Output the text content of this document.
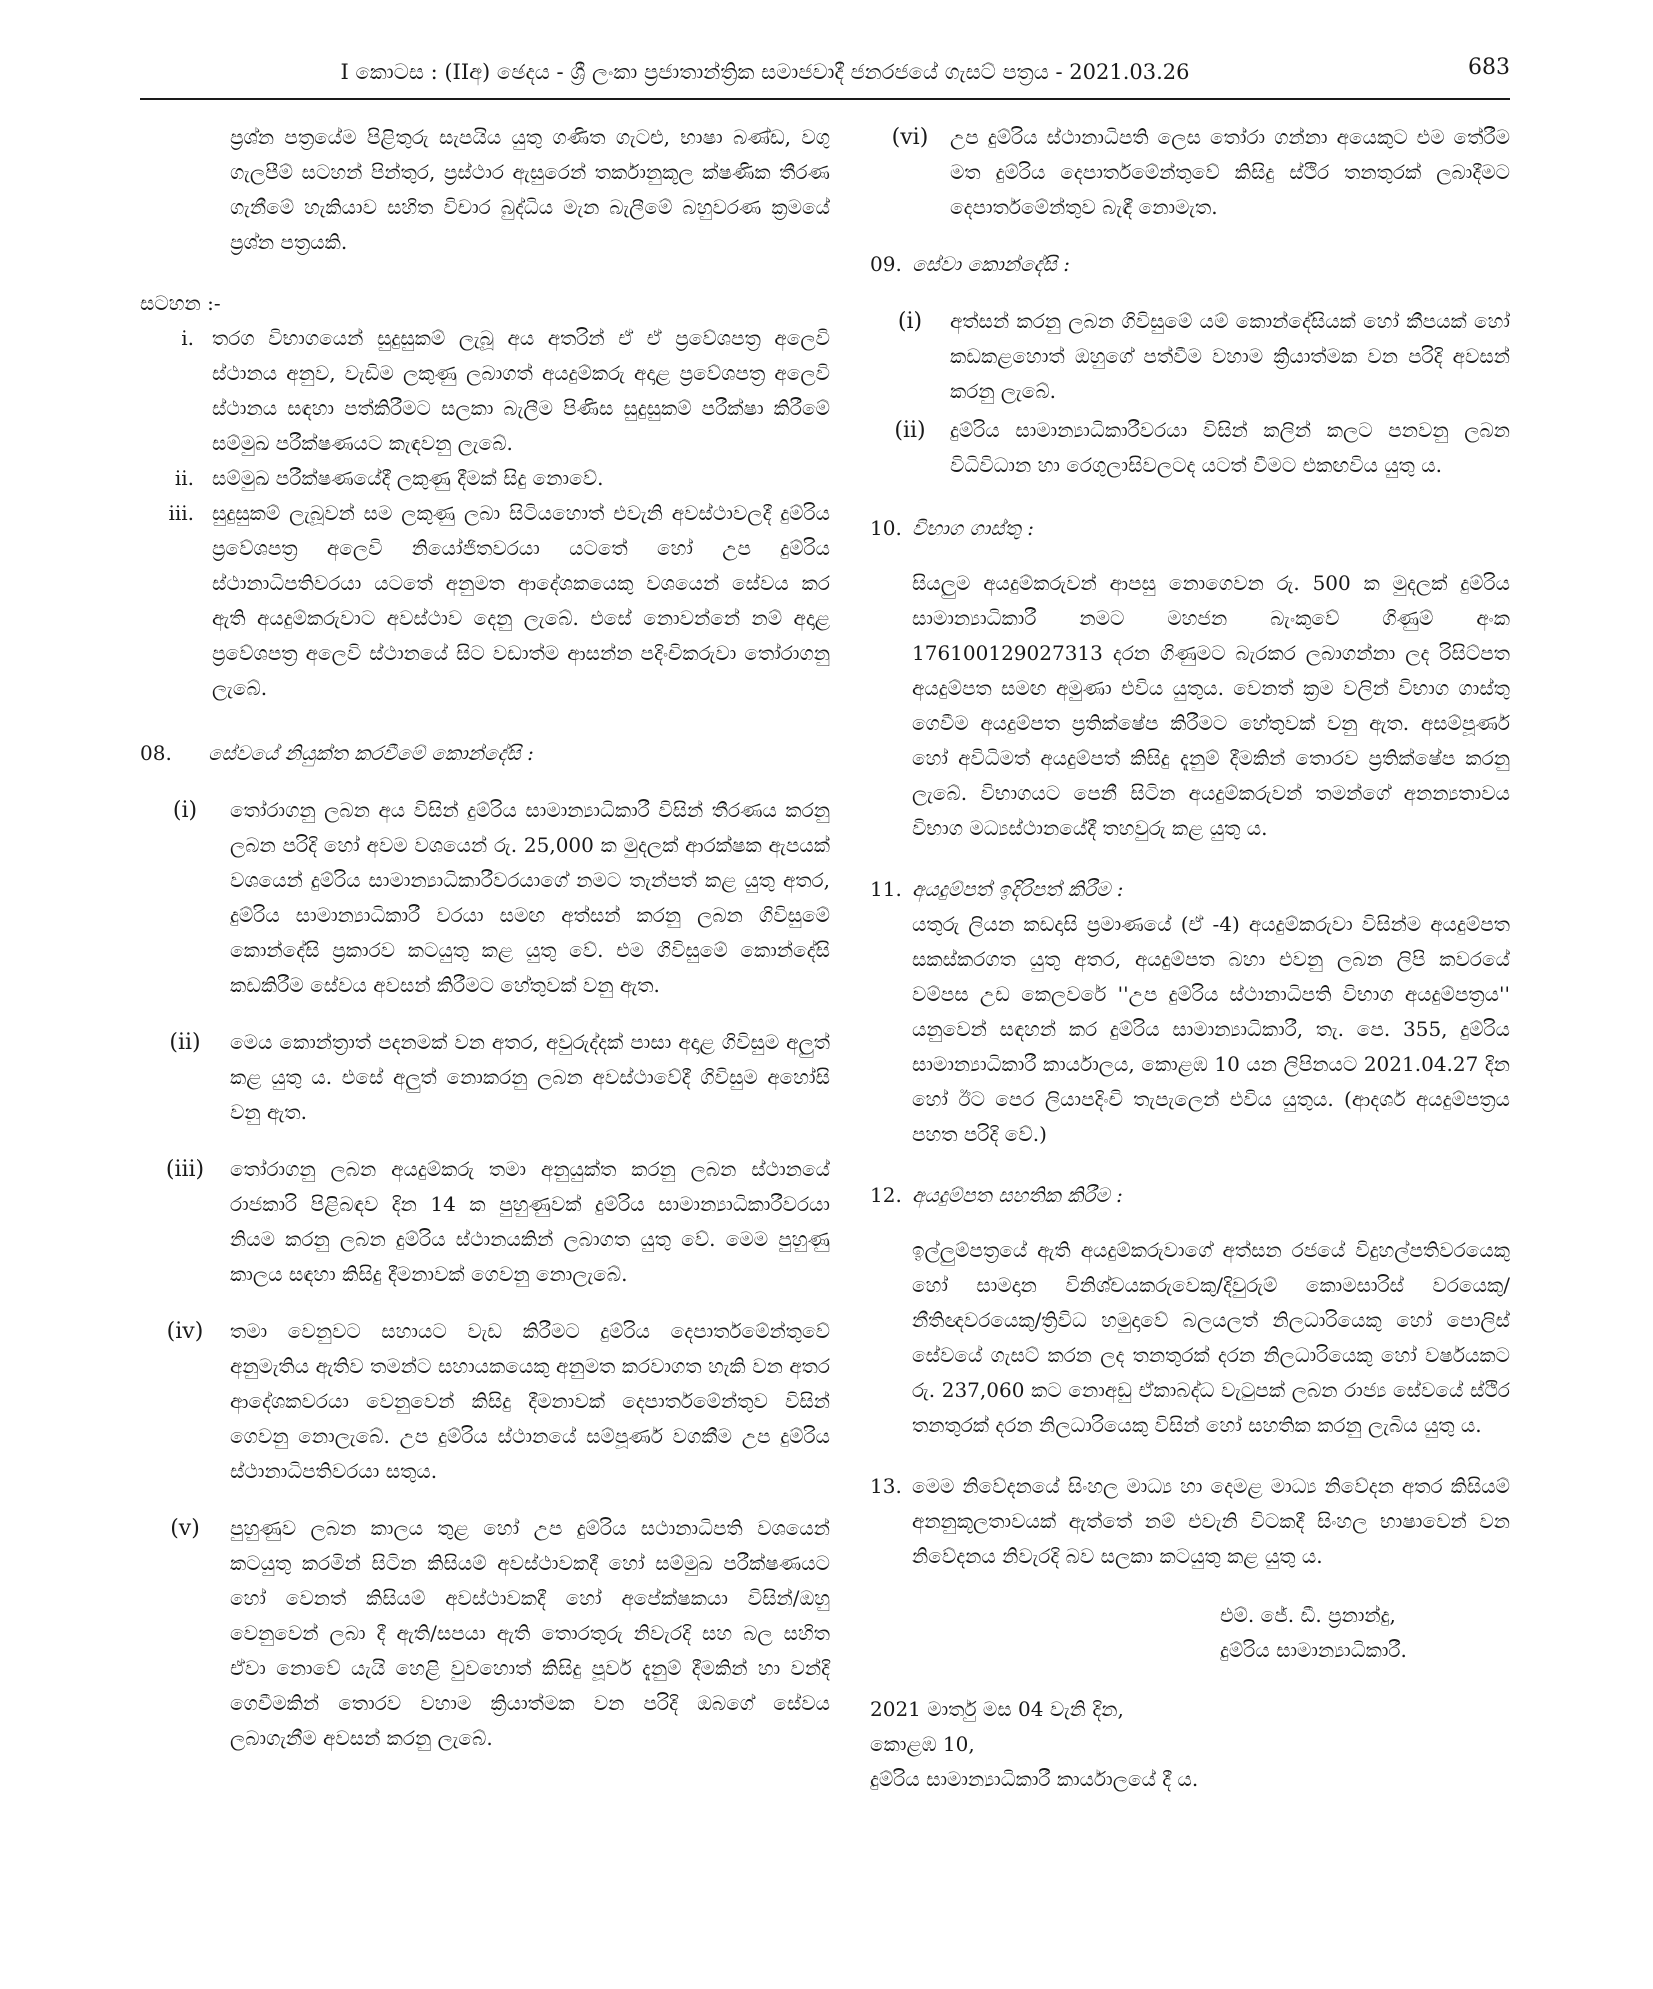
I කොටස : (IIඅ) ඡෙදය - ශ්‍රී ලංකා ප්‍රජාතාන්ත්‍රික සමාජවාදී ජනරජයේ ගැසට් පත්‍රය - 2021.03.26	683

ප්‍රශ්න පත්‍රයේම පිළිතුරු සැපයිය යුතු ගණිත ගැටළු, භාෂා බණ්ඩ, වගු ගැලපීම් සටහන් පින්තුර, ප්‍රස්ථාර ඇසුරෙන් තර්කානුකූල ක්ෂණික තීරණ ගැනීමේ හැකියාව සහිත විචාර බුද්ධිය මැන බැලීමේ බහුවරණ ක්‍රමයේ ප්‍රශ්න පත්‍රයකි.

සටහන :-
i. තරග විභාගයෙන් සුදුසුකම් ලැබූ අය අතරින් ඒ ඒ ප්‍රවේශපත්‍ර අලෙවි ස්ථානය අනුව, වැඩිම ලකුණු ලබාගත් අයදුම්කරු අදාළ ප්‍රවේශපත්‍ර අලෙවි ස්ථානය සඳහා පත්කිරීමට සලකා බැලීම පිණිස සුදුසුකම් පරීක්ෂා කිරීමේ සම්මුඛ පරීක්ෂණයට කැඳවනු ලැබේ.
ii. සම්මුඛ පරීක්ෂණයේදී ලකුණු දීමක් සිදු නොවේ.
iii. සුදුසුකම් ලැබූවන් සම ලකුණු ලබා සිටියහොත් එවැනි අවස්ථාවලදී දුම්රිය ප්‍රවේශපත්‍ර අලෙවි නියෝජිතවරයා යටතේ හෝ උප දුම්රිය ස්ථානාධිපතිවරයා යටතේ අනුමත ආදේශකයෙකු වශයෙන් සේවය කර ඇති අයදුම්කරුවාට අවස්ථාව දෙනු ලැබේ. එසේ නොවන්නේ නම් අදාළ ප්‍රවේශපත්‍ර අලෙවි ස්ථානයේ සිට වඩාත්ම ආසන්න පදිංචිකරුවා තෝරාගනු ලැබේ.
08.	සේවයේ නියුක්ත කරවීමේ කොන්දේසි :
(i)	තෝරාගනු ලබන අය විසින් දුම්රිය සාමාන්‍යාධිකාරී විසින් තීරණය කරනු ලබන පරිදි හෝ අවම වශයෙන් රු. 25,000 ක මුදලක් ආරක්ෂක ඇපයක් වශයෙන් දුම්රිය සාමාන්‍යාධිකාරීවරයාගේ නමට තැන්පත් කළ යුතු අතර, දුම්රිය සාමාන්‍යාධිකාරී වරයා සමඟ අත්සන් කරනු ලබන ගිවිසුමේ කොන්දේසි ප්‍රකාරව කටයුතු කළ යුතු වේ. එම ගිවිසුමේ කොන්දේසි කඩකිරීම සේවය අවසන් කිරීමට හේතුවක් වනු ඇත.
(ii)	මෙය කොන්ත්‍රාත් පදනමක් වන අතර, අවුරුද්දක් පාසා අදාළ ගිවිසුම අලුත් කළ යුතු ය. එසේ අලුත් නොකරනු ලබන අවස්ථාවේදී ගිවිසුම අහෝසි වනු ඇත.
(iii)	තෝරාගනු ලබන අයදුම්කරු තමා අනුයුක්ත කරනු ලබන ස්ථානයේ රාජකාරි පිළිබඳව දින 14 ක පුහුණුවක් දුම්රිය සාමාන්‍යාධිකාරීවරයා නියම කරනු ලබන දුම්රිය ස්ථානයකින් ලබාගත යුතු වේ. මෙම පුහුණු කාලය සඳහා කිසිදු දීමනාවක් ගෙවනු නොලැබේ.
(iv)	තමා වෙනුවට සහායට වැඩ කිරීමට දුම්රිය දෙපාර්තමේන්තුවේ අනුමැතිය ඇතිව තමන්ට සහායකයෙකු අනුමත කරවාගත හැකි වන අතර ආදේශකවරයා වෙනුවෙන් කිසිදු දීමනාවක් දෙපාර්තමේන්තුව විසින් ගෙවනු නොලැබේ. උප දුම්රිය ස්ථානයේ සම්පූර්ණ වගකීම උප දුම්රිය ස්ථානාධිපතිවරයා සතුය.
(v)	පුහුණුව ලබන කාලය තුළ හෝ උප දුම්රිය සථානාධිපති වශයෙන් කටයුතු කරමින් සිටින කිසියම් අවස්ථාවකදී හෝ සම්මුඛ පරීක්ෂණයට හෝ වෙනත් කිසියම් අවස්ථාවකදී හෝ අපේක්ෂකයා විසින්/ඔහු වෙනුවෙන් ලබා දී ඇති/සපයා ඇති තොරතුරු නිවැරදි සහ බල සහිත ඒවා නොවේ යැයි හෙළි වුවහොත් කිසිදු පූර්ව දැනුම් දීමකින් හා වන්දි ගෙවීමකින් තොරව වහාම ක්‍රියාත්මක වන පරිදි ඔබගේ සේවය ලබාගැනීම අවසන් කරනු ලැබේ.
(vi)	උප දුම්රිය ස්ථානාධිපති ලෙස තෝරා ගන්නා අයෙකුට එම තේරීම මත දුම්රිය දෙපාර්තමේන්තුවේ කිසිදු ස්ථිර තනතුරක් ලබාදීමට දෙපාර්තමේන්තුව බැඳී නොමැත.
09. සේවා කොන්දේසි :
(i)	අත්සන් කරනු ලබන ගිවිසුමේ යම් කොන්දේසියක් හෝ කීපයක් හෝ කඩකළහොත් ඔහුගේ පත්වීම වහාම ක්‍රියාත්මක වන පරිදි අවසන් කරනු ලැබේ.
(ii)	දුම්රිය සාමාන්‍යාධිකාරීවරයා විසින් කලින් කලට පනවනු ලබන විධිවිධාන හා රෙගුලාසිවලටද යටත් වීමට එකඟවිය යුතු ය.
10. විභාග ගාස්තු :

සියලුම අයදුම්කරුවන් ආපසු නොගෙවන රු. 500 ක මුදලක් දුම්රිය සාමාන්‍යාධිකාරී නමට මහජන බැංකුවේ ගිණුම් අංක 176100129027313 දරන ගිණුමට බැරකර ලබාගන්නා ලද රිසිට්පත අයදුම්පත සමඟ අමුණා එවිය යුතුය. වෙනත් ක්‍රම වලින් විභාග ගාස්තු ගෙවීම අයදුම්පත ප්‍රතික්ෂේප කිරීමට හේතුවක් වනු ඇත. අසම්පූර්ණ හෝ අවිධිමත් අයදුම්පත් කිසිදු දැනුම් දීමකින් තොරව ප්‍රතික්ෂේප කරනු ලැබේ. විභාගයට පෙනී සිටින අයදුම්කරුවන් තමන්ගේ අනන්‍යතාවය විභාග මධ්‍යස්ථානයේදී තහවුරු කළ යුතු ය.

11. අයදුම්පත් ඉදිරිපත් කිරීම :

යතුරු ලියන කඩදාසි ප්‍රමාණයේ (ඒ -4) අයදුම්කරුවා විසින්ම අයදුම්පත සකස්කරගත යුතු අතර, අයදුම්පත බහා එවනු ලබන ලිපි කවරයේ වම්පස උඩ කෙලවරේ ''උප දුම්රිය ස්ථානාධිපති විභාග අයදුම්පත්‍රය'' යනුවෙන් සඳහන් කර දුම්රිය සාමාන්‍යාධිකාරී, තැ. පෙ. 355, දුම්රිය සාමාන්‍යාධිකාරී කාර්යාලය, කොළඹ 10 යන ලිපිනයට 2021.04.27 දින හෝ ඊට පෙර ලියාපදිංචි තැපැලෙන් එවිය යුතුය. (ආදර්ශ අයදුම්පත්‍රය පහත පරිදි වේ.)

12. අයදුම්පත සහතික කිරීම :

ඉල්ලුම්පත්‍රයේ ඇති අයදුම්කරුවාගේ අත්සන රජයේ විදුහල්පතිවරයෙකු හෝ සාමදාන විනිශ්චයකරුවෙකු/දිවුරුම් කොමසාරිස් වරයෙකු/නීතිඥවරයෙකු/ත්‍රිවිධ හමුදාවේ බලයලත් නිලධාරියෙකු හෝ පොලිස් සේවයේ ගැසට් කරන ලද තනතුරක් දරන නිලධාරියෙකු හෝ වර්ෂයකට රු. 237,060 කට නොඅඩු ඒකාබද්ධ වැටුපක් ලබන රාජ්‍ය සේවයේ ස්ථිර තනතුරක් දරන නිලධාරියෙකු විසින් හෝ සහතික කරනු ලැබිය යුතු ය.

13. මෙම නිවේදනයේ සිංහල මාධ්‍ය හා දෙමළ මාධ්‍ය නිවේදන අතර කිසියම් අනනුකූලතාවයක් ඇත්තේ නම් එවැනි විටකදී සිංහල භාෂාවෙන් වන නිවේදනය නිවැරදි බව සලකා කටයුතු කළ යුතු ය.

එම්. ජේ. ඩී. ප්‍රනාන්දු,
දුම්රිය සාමාන්‍යාධිකාරී.
2021 මාර්තු මස 04 වැනි දින,
කොළඹ 10,
දුම්රිය සාමාන්‍යාධිකාරී කාර්යාලයේ දී ය.
